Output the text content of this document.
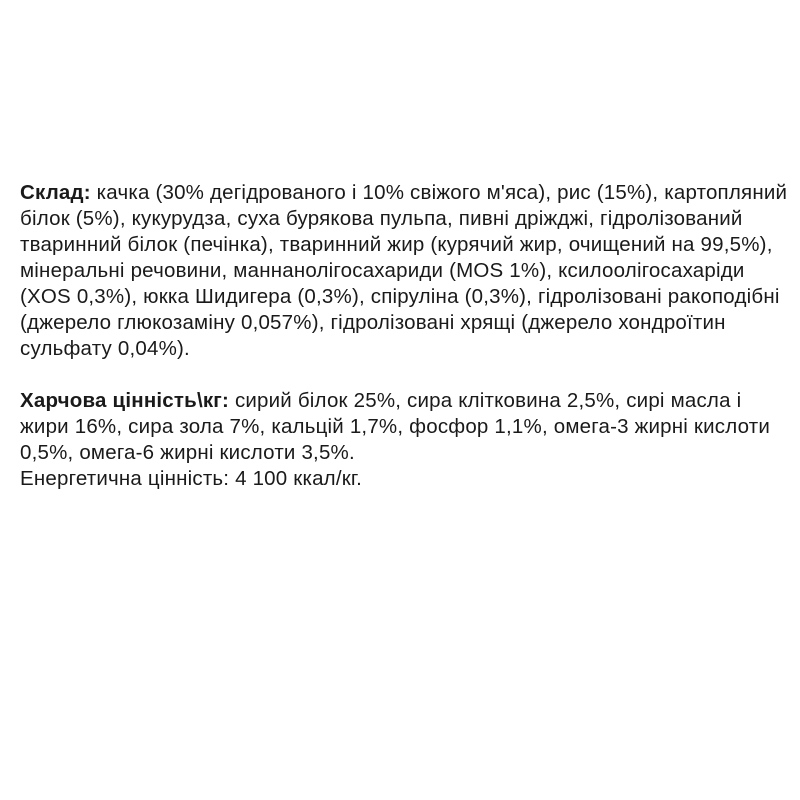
Склад: качка (30% дегідрованого і 10% свіжого м'яса), рис (15%), картопляний білок (5%), кукурудза, суха бурякова пульпа, пивні дріжджі, гідролізований тваринний білок (печінка), тваринний жир (курячий жир, очищений на 99,5%), мінеральні речовини, маннанолігосахариди (MOS 1%), ксилоолігосахаріди (XOS 0,3%), юкка Шидигера (0,3%), спіруліна (0,3%), гідролізовані ракоподібні (джерело глюкозаміну 0,057%), гідролізовані хрящі (джерело хондроїтин сульфату 0,04%).

Харчова цінність\кг: сирий білок 25%, сира клітковина 2,5%, сирі масла і жири 16%, сира зола 7%, кальцій 1,7%, фосфор 1,1%, омега-3 жирні кислоти 0,5%, омега-6 жирні кислоти 3,5%.
Енергетична цінність: 4 100 ккал/кг.
